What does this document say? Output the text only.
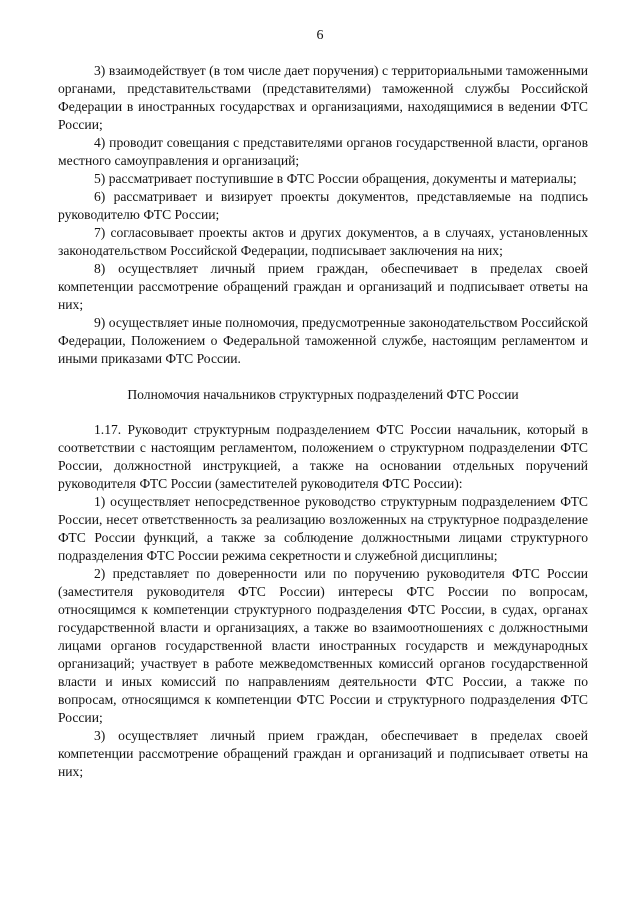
6

3) взаимодействует (в том числе дает поручения) с территориальными таможенными органами, представительствами (представителями) таможенной службы Российской Федерации в иностранных государствах и организациями, находящимися в ведении ФТС России;

4) проводит совещания с представителями органов государственной власти, органов местного самоуправления и организаций;

5) рассматривает поступившие в ФТС России обращения, документы и материалы;

6) рассматривает и визирует проекты документов, представляемые на подпись руководителю ФТС России;

7) согласовывает проекты актов и других документов, а в случаях, установленных законодательством Российской Федерации, подписывает заключения на них;

8) осуществляет личный прием граждан, обеспечивает в пределах своей компетенции рассмотрение обращений граждан и организаций и подписывает ответы на них;

9) осуществляет иные полномочия, предусмотренные законодательством Российской Федерации, Положением о Федеральной таможенной службе, настоящим регламентом и иными приказами ФТС России.

Полномочия начальников структурных подразделений ФТС России

1.17. Руководит структурным подразделением ФТС России начальник, который в соответствии с настоящим регламентом, положением о структурном подразделении ФТС России, должностной инструкцией, а также на основании отдельных поручений руководителя ФТС России (заместителей руководителя ФТС России):

1) осуществляет непосредственное руководство структурным подразделением ФТС России, несет ответственность за реализацию возложенных на структурное подразделение ФТС России функций, а также за соблюдение должностными лицами структурного подразделения ФТС России режима секретности и служебной дисциплины;

2) представляет по доверенности или по поручению руководителя ФТС России (заместителя руководителя ФТС России) интересы ФТС России по вопросам, относящимся к компетенции структурного подразделения ФТС России, в судах, органах государственной власти и организациях, а также во взаимоотношениях с должностными лицами органов государственной власти иностранных государств и международных организаций; участвует в работе межведомственных комиссий органов государственной власти и иных комиссий по направлениям деятельности ФТС России, а также по вопросам, относящимся к компетенции ФТС России и структурного подразделения ФТС России;

3) осуществляет личный прием граждан, обеспечивает в пределах своей компетенции рассмотрение обращений граждан и организаций и подписывает ответы на них;
